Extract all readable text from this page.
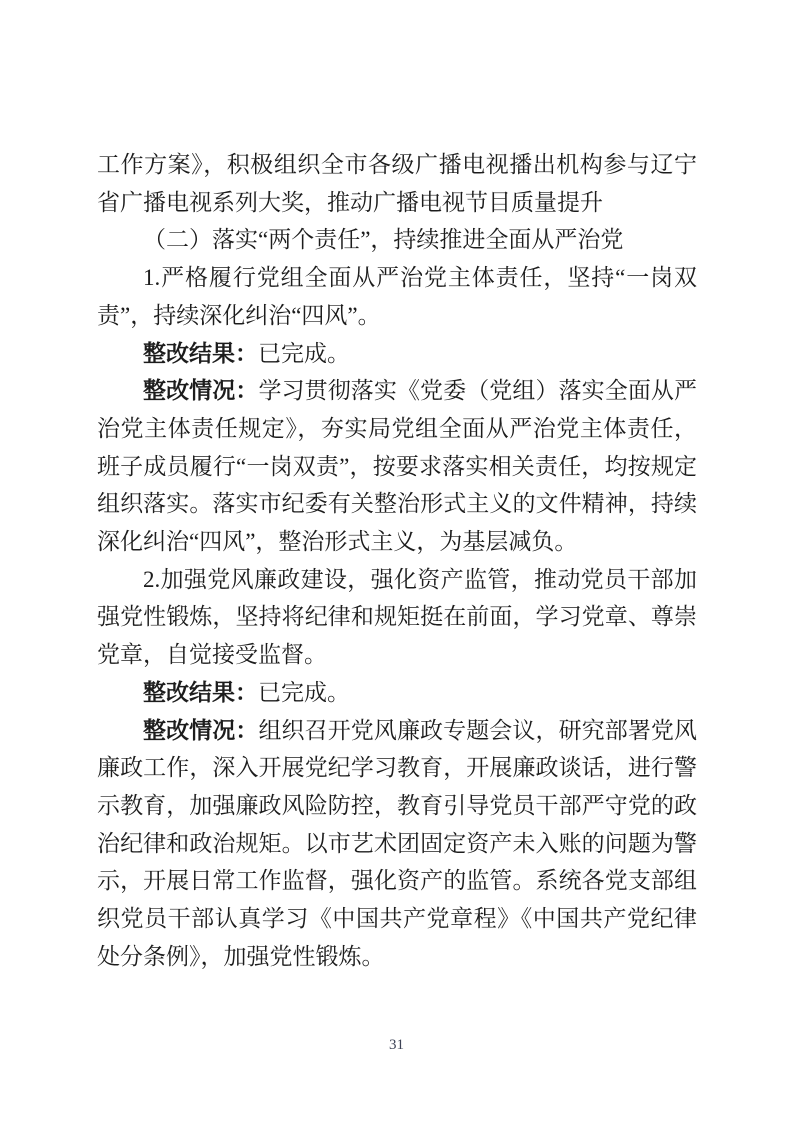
工作方案》，积极组织全市各级广播电视播出机构参与辽宁省广播电视系列大奖，推动广播电视节目质量提升

（二）落实“两个责任”，持续推进全面从严治党

1.严格履行党组全面从严治党主体责任，坚持“一岗双责”，持续深化纠治“四风”。

整改结果：已完成。

整改情况：学习贯彻落实《党委（党组）落实全面从严治党主体责任规定》，夯实局党组全面从严治党主体责任，班子成员履行“一岗双责”，按要求落实相关责任，均按规定组织落实。落实市纪委有关整治形式主义的文件精神，持续深化纠治“四风”，整治形式主义，为基层减负。

2.加强党风廉政建设，强化资产监管，推动党员干部加强党性锻炼，坚持将纪律和规矩挺在前面，学习党章、尊崇党章，自觉接受监督。

整改结果：已完成。

整改情况：组织召开党风廉政专题会议，研究部署党风廉政工作，深入开展党纪学习教育，开展廉政谈话，进行警示教育，加强廉政风险防控，教育引导党员干部严守党的政治纪律和政治规矩。以市艺术团固定资产未入账的问题为警示，开展日常工作监督，强化资产的监管。系统各党支部组织党员干部认真学习《中国共产党章程》《中国共产党纪律处分条例》，加强党性锻炼。

31
